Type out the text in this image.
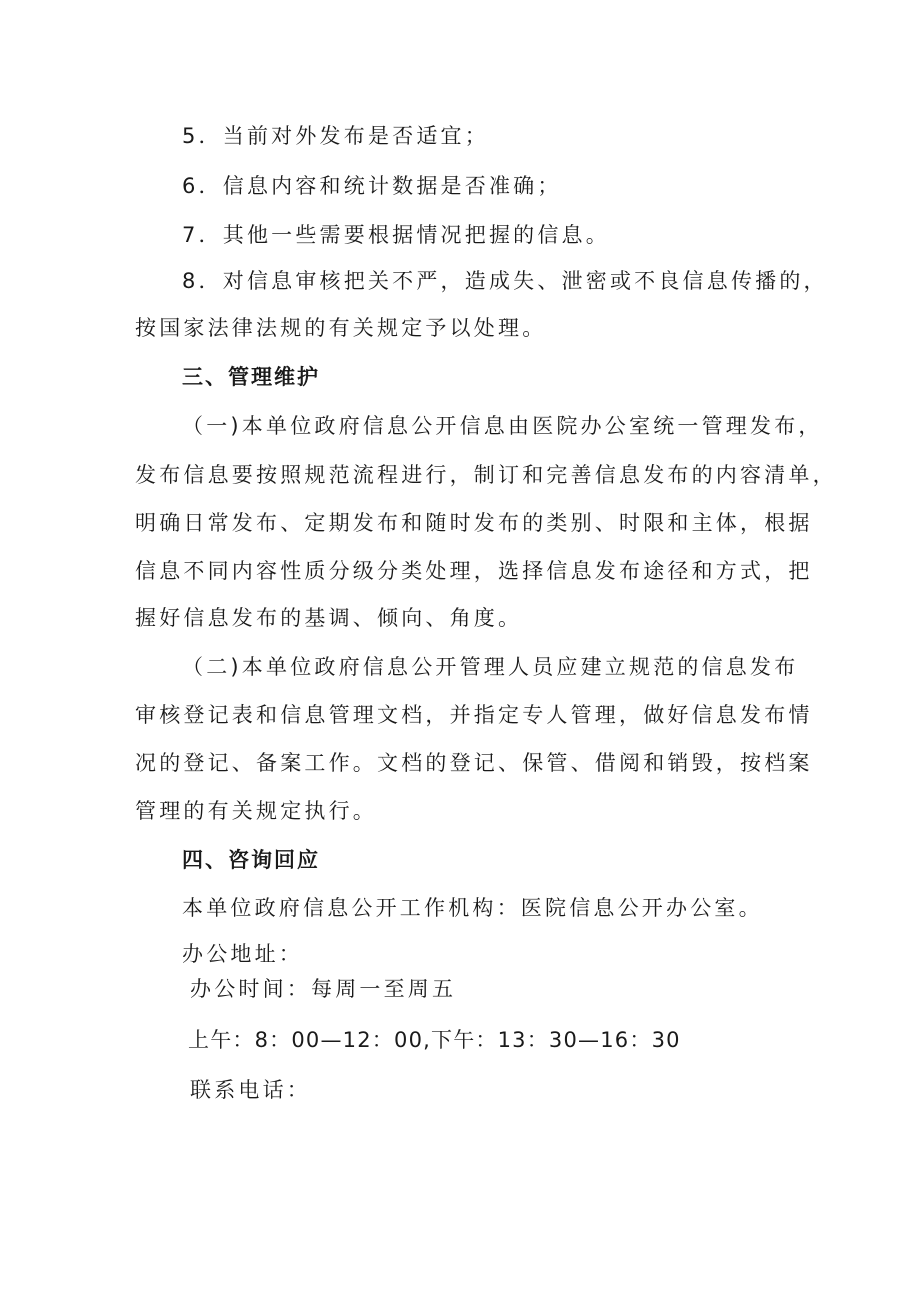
5．当前对外发布是否适宜；
6．信息内容和统计数据是否准确；
7．其他一些需要根据情况把握的信息。
8．对信息审核把关不严，造成失、泄密或不良信息传播的，
按国家法律法规的有关规定予以处理。
三、管理维护
（一)本单位政府信息公开信息由医院办公室统一管理发布，
发布信息要按照规范流程进行，制订和完善信息发布的内容清单，
明确日常发布、定期发布和随时发布的类别、时限和主体，根据
信息不同内容性质分级分类处理，选择信息发布途径和方式，把
握好信息发布的基调、倾向、角度。
（二)本单位政府信息公开管理人员应建立规范的信息发布
审核登记表和信息管理文档，并指定专人管理，做好信息发布情
况的登记、备案工作。文档的登记、保管、借阅和销毁，按档案
管理的有关规定执行。
四、咨询回应
本单位政府信息公开工作机构：医院信息公开办公室。
办公地址：
办公时间：每周一至周五
上午：8：00—12：00,下午：13：30—16：30
联系电话：
